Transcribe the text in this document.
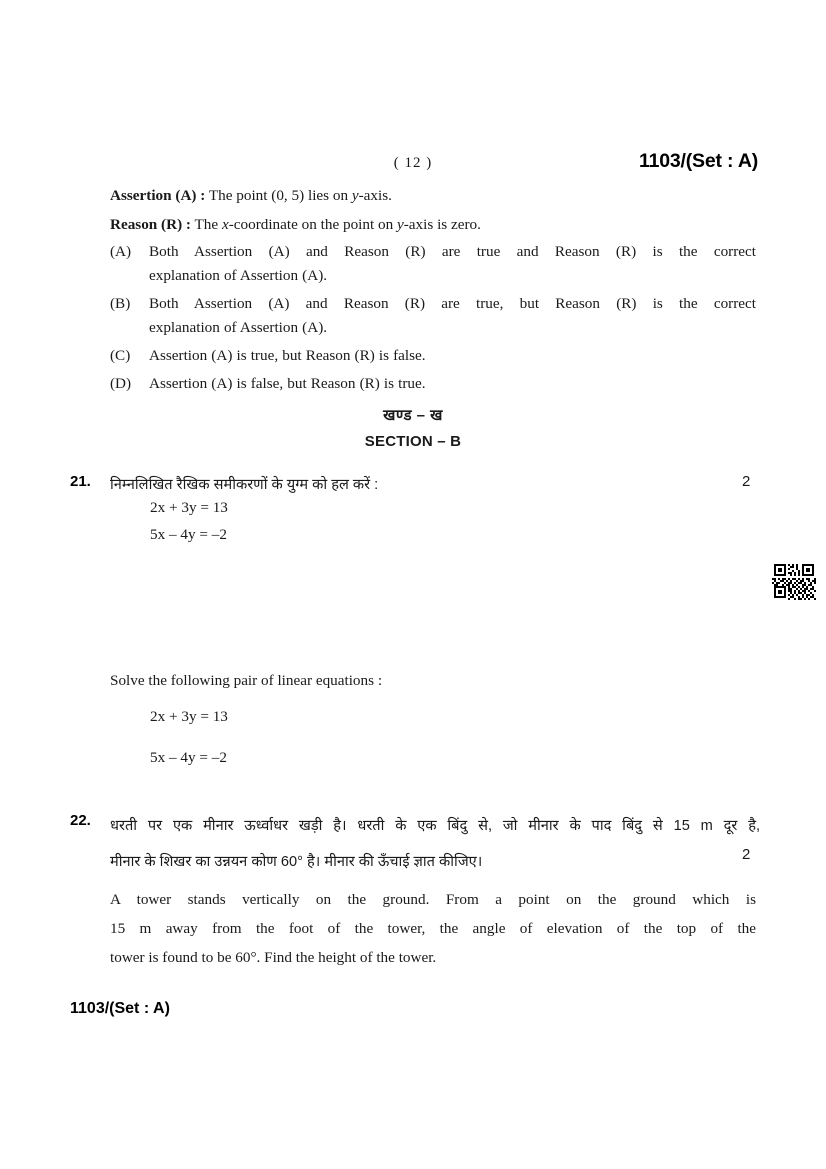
( 12 )	1103/(Set : A)
Assertion (A) : The point (0, 5) lies on y-axis.
Reason (R) : The x-coordinate on the point on y-axis is zero.
(A)	Both Assertion (A) and Reason (R) are true and Reason (R) is the correct
explanation of Assertion (A).
(B)	Both Assertion (A) and Reason (R) are true, but Reason (R) is the correct
explanation of Assertion (A).
(C)	Assertion (A) is true, but Reason (R) is false.
(D)	Assertion (A) is false, but Reason (R) is true.
खण्ड – ख
SECTION – B
21. निम्नलिखित रैखिक समीकरणों के युग्म को हल करें :	2
2x + 3y = 13
5x – 4y = –2
Solve the following pair of linear equations :
2x + 3y = 13
5x – 4y = –2
22. धरती पर एक मीनार ऊर्ध्वाधर खड़ी है। धरती के एक बिंदु से, जो मीनार के पाद बिंदु से 15 m दूर है,
मीनार के शिखर का उन्नयन कोण 60° है। मीनार की ऊँचाई ज्ञात कीजिए।	2
A tower stands vertically on the ground. From a point on the ground which is
15 m away from the foot of the tower, the angle of elevation of the top of the
tower is found to be 60°. Find the height of the tower.
1103/(Set : A)
